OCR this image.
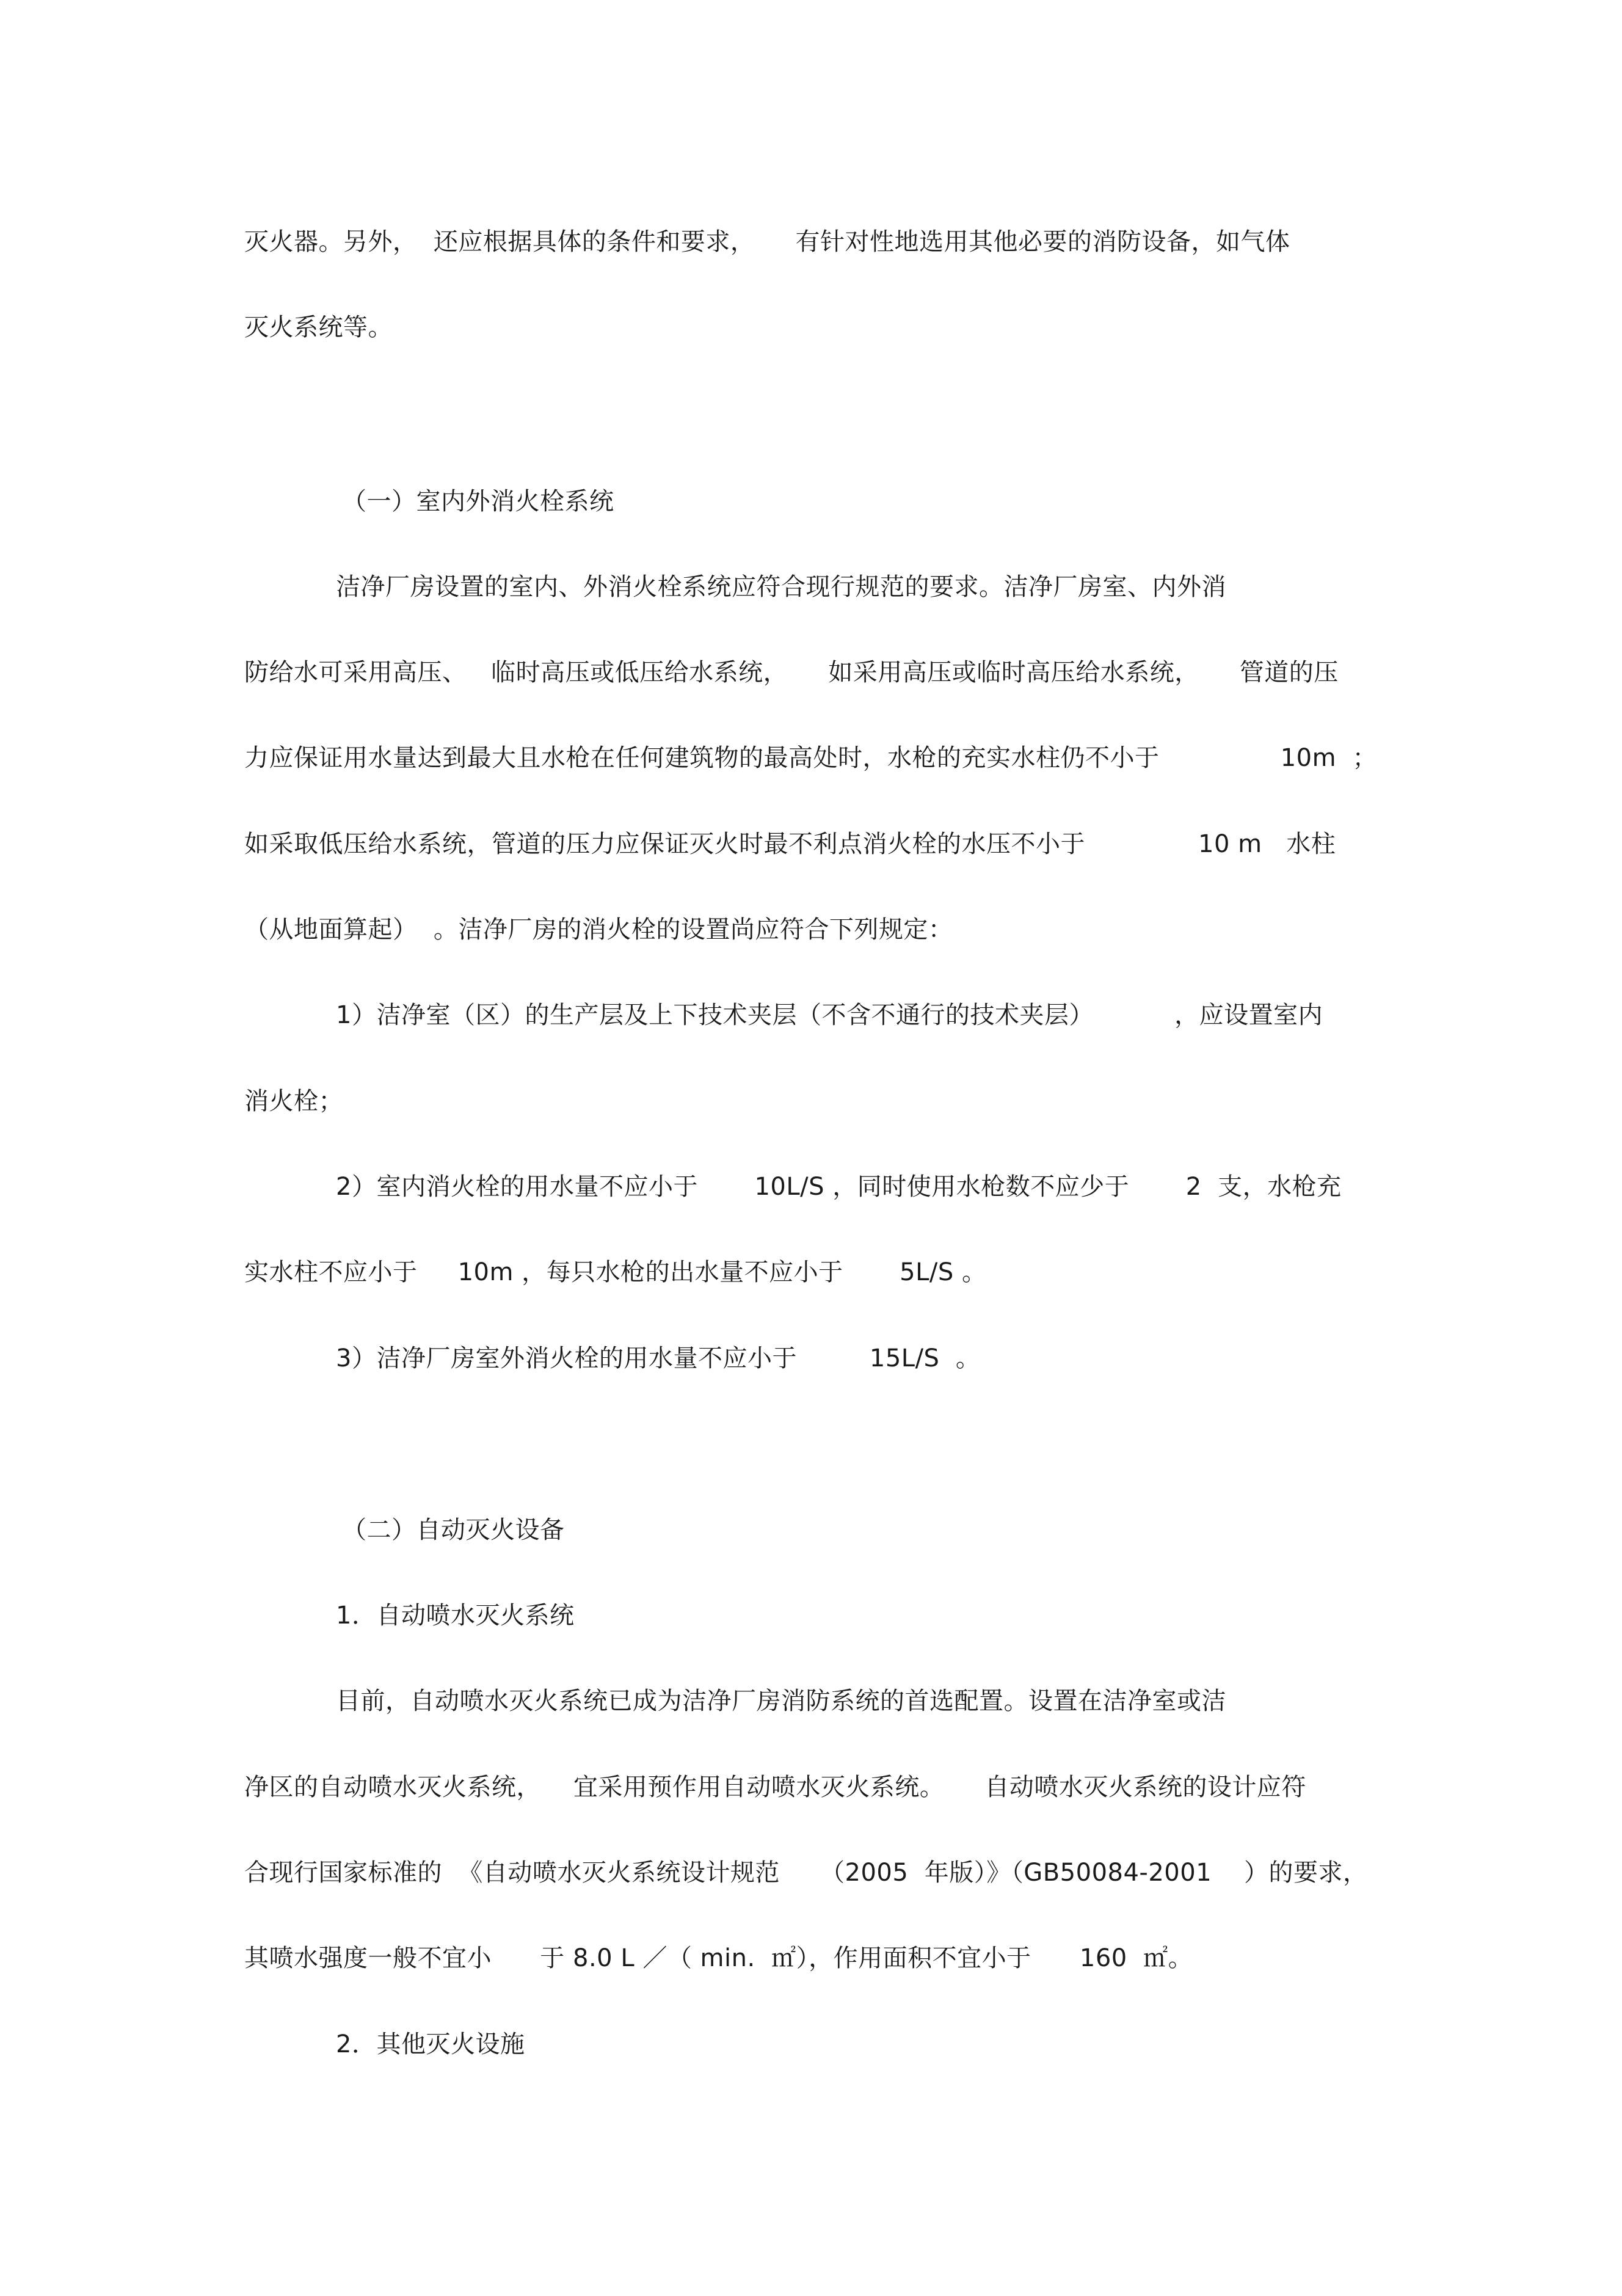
灭火器。另外，  还应根据具体的条件和要求，     有针对性地选用其他必要的消防设备，如气体
灭火系统等。
（一）室内外消火栓系统
洁净厂房设置的室内、外消火栓系统应符合现行规范的要求。洁净厂房室、内外消
防给水可采用高压、   临时高压或低压给水系统，     如采用高压或临时高压给水系统，     管道的压
力应保证用水量达到最大且水枪在任何建筑物的最高处时，水枪的充实水柱仍不小于               10m  ；
如采取低压给水系统，管道的压力应保证灭火时最不利点消火栓的水压不小于              10 m   水柱
（从地面算起）  。洁净厂房的消火栓的设置尚应符合下列规定：
1）洁净室（区）的生产层及上下技术夹层（不含不通行的技术夹层）          ，应设置室内
消火栓；
2）室内消火栓的用水量不应小于       10L/S ，同时使用水枪数不应少于       2  支，水枪充
实水柱不应小于     10m ，每只水枪的出水量不应小于       5L/S 。
3）洁净厂房室外消火栓的用水量不应小于         15L/S  。
（二）自动灭火设备
1．自动喷水灭火系统
目前，自动喷水灭火系统已成为洁净厂房消防系统的首选配置。设置在洁净室或洁
净区的自动喷水灭火系统，    宜采用预作用自动喷水灭火系统。     自动喷水灭火系统的设计应符
合现行国家标准的  《自动喷水灭火系统设计规范     （2005  年版）》（GB50084-2001    ）的要求，
其喷水强度一般不宜小      于 8.0 L ／（ min.  ㎡），作用面积不宜小于      160  ㎡。
2．其他灭火设施
